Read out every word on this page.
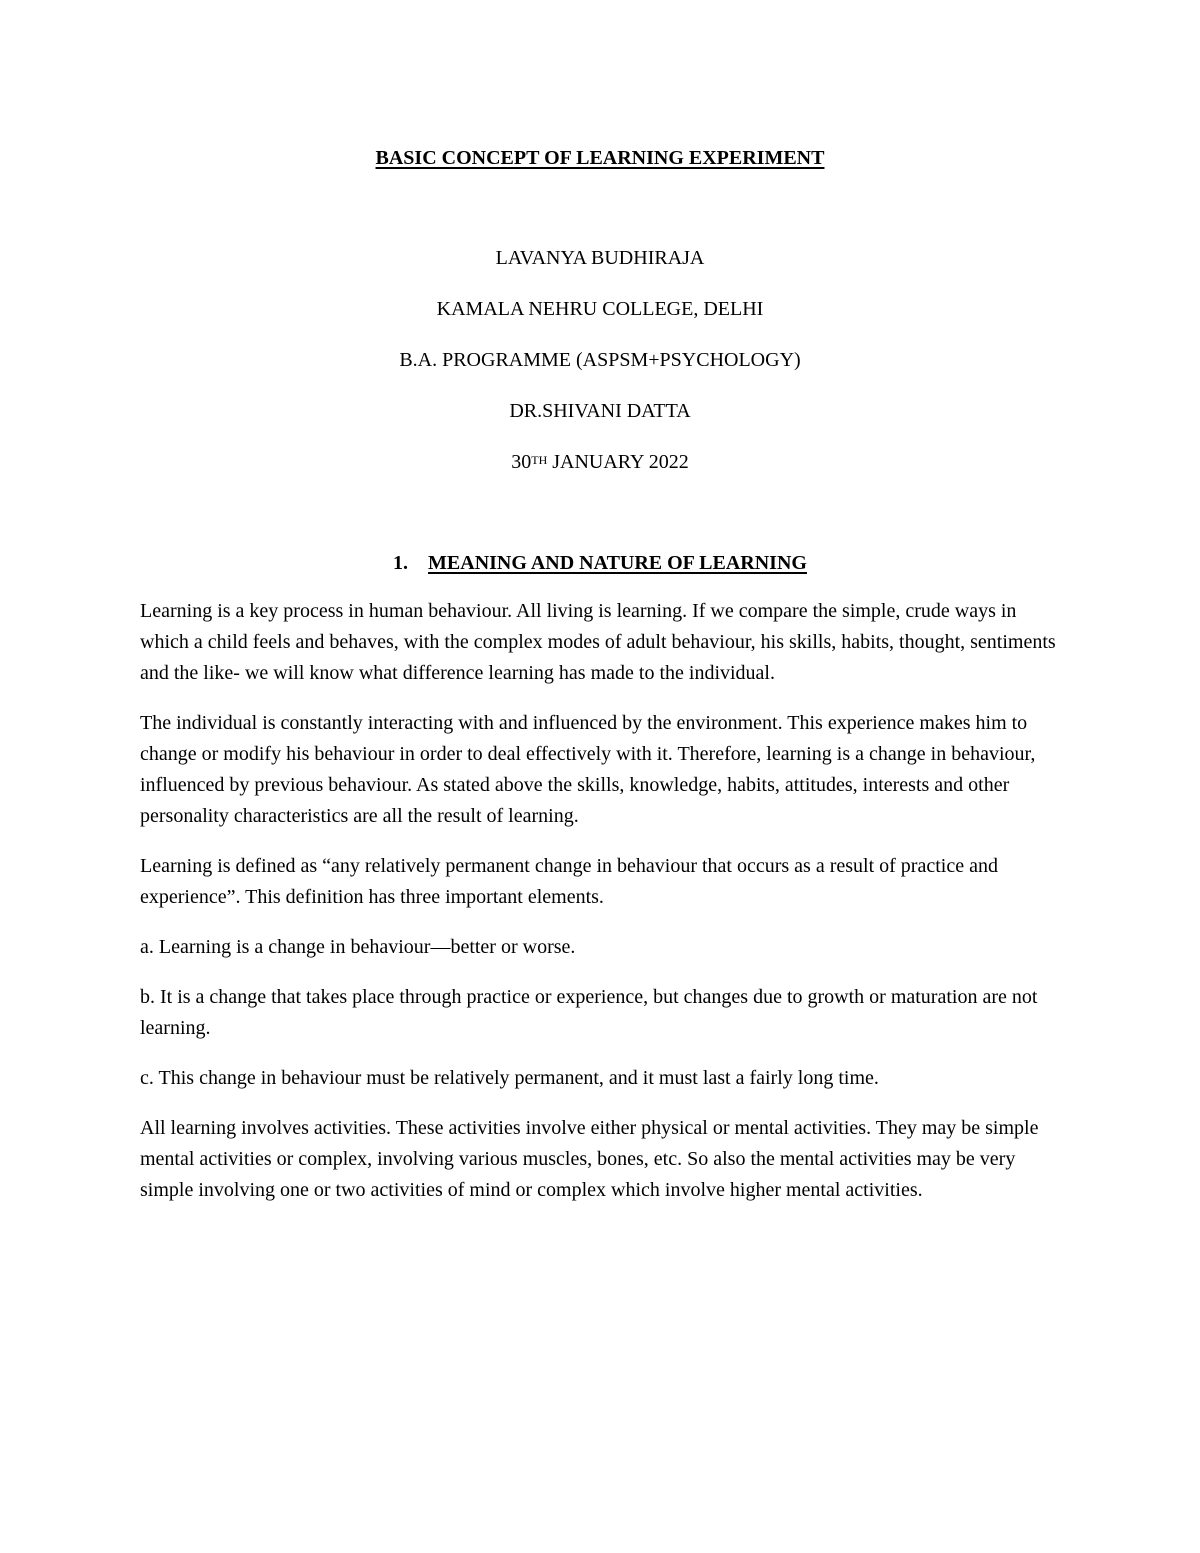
BASIC CONCEPT OF LEARNING EXPERIMENT
LAVANYA BUDHIRAJA
KAMALA NEHRU COLLEGE, DELHI
B.A. PROGRAMME (ASPSM+PSYCHOLOGY)
DR.SHIVANI DATTA
30TH JANUARY 2022
1. MEANING AND NATURE OF LEARNING

Learning is a key process in human behaviour. All living is learning. If we compare the simple, crude ways in which a child feels and behaves, with the complex modes of adult behaviour, his skills, habits, thought, sentiments and the like- we will know what difference learning has made to the individual.

The individual is constantly interacting with and influenced by the environment. This experience makes him to change or modify his behaviour in order to deal effectively with it. Therefore, learning is a change in behaviour, influenced by previous behaviour. As stated above the skills, knowledge, habits, attitudes, interests and other personality characteristics are all the result of learning.

Learning is defined as “any relatively permanent change in behaviour that occurs as a result of practice and experience”. This definition has three important elements.

a. Learning is a change in behaviour—better or worse.

b. It is a change that takes place through practice or experience, but changes due to growth or maturation are not learning.

c. This change in behaviour must be relatively permanent, and it must last a fairly long time.

All learning involves activities. These activities involve either physical or mental activities. They may be simple mental activities or complex, involving various muscles, bones, etc. So also the mental activities may be very simple involving one or two activities of mind or complex which involve higher mental activities.
